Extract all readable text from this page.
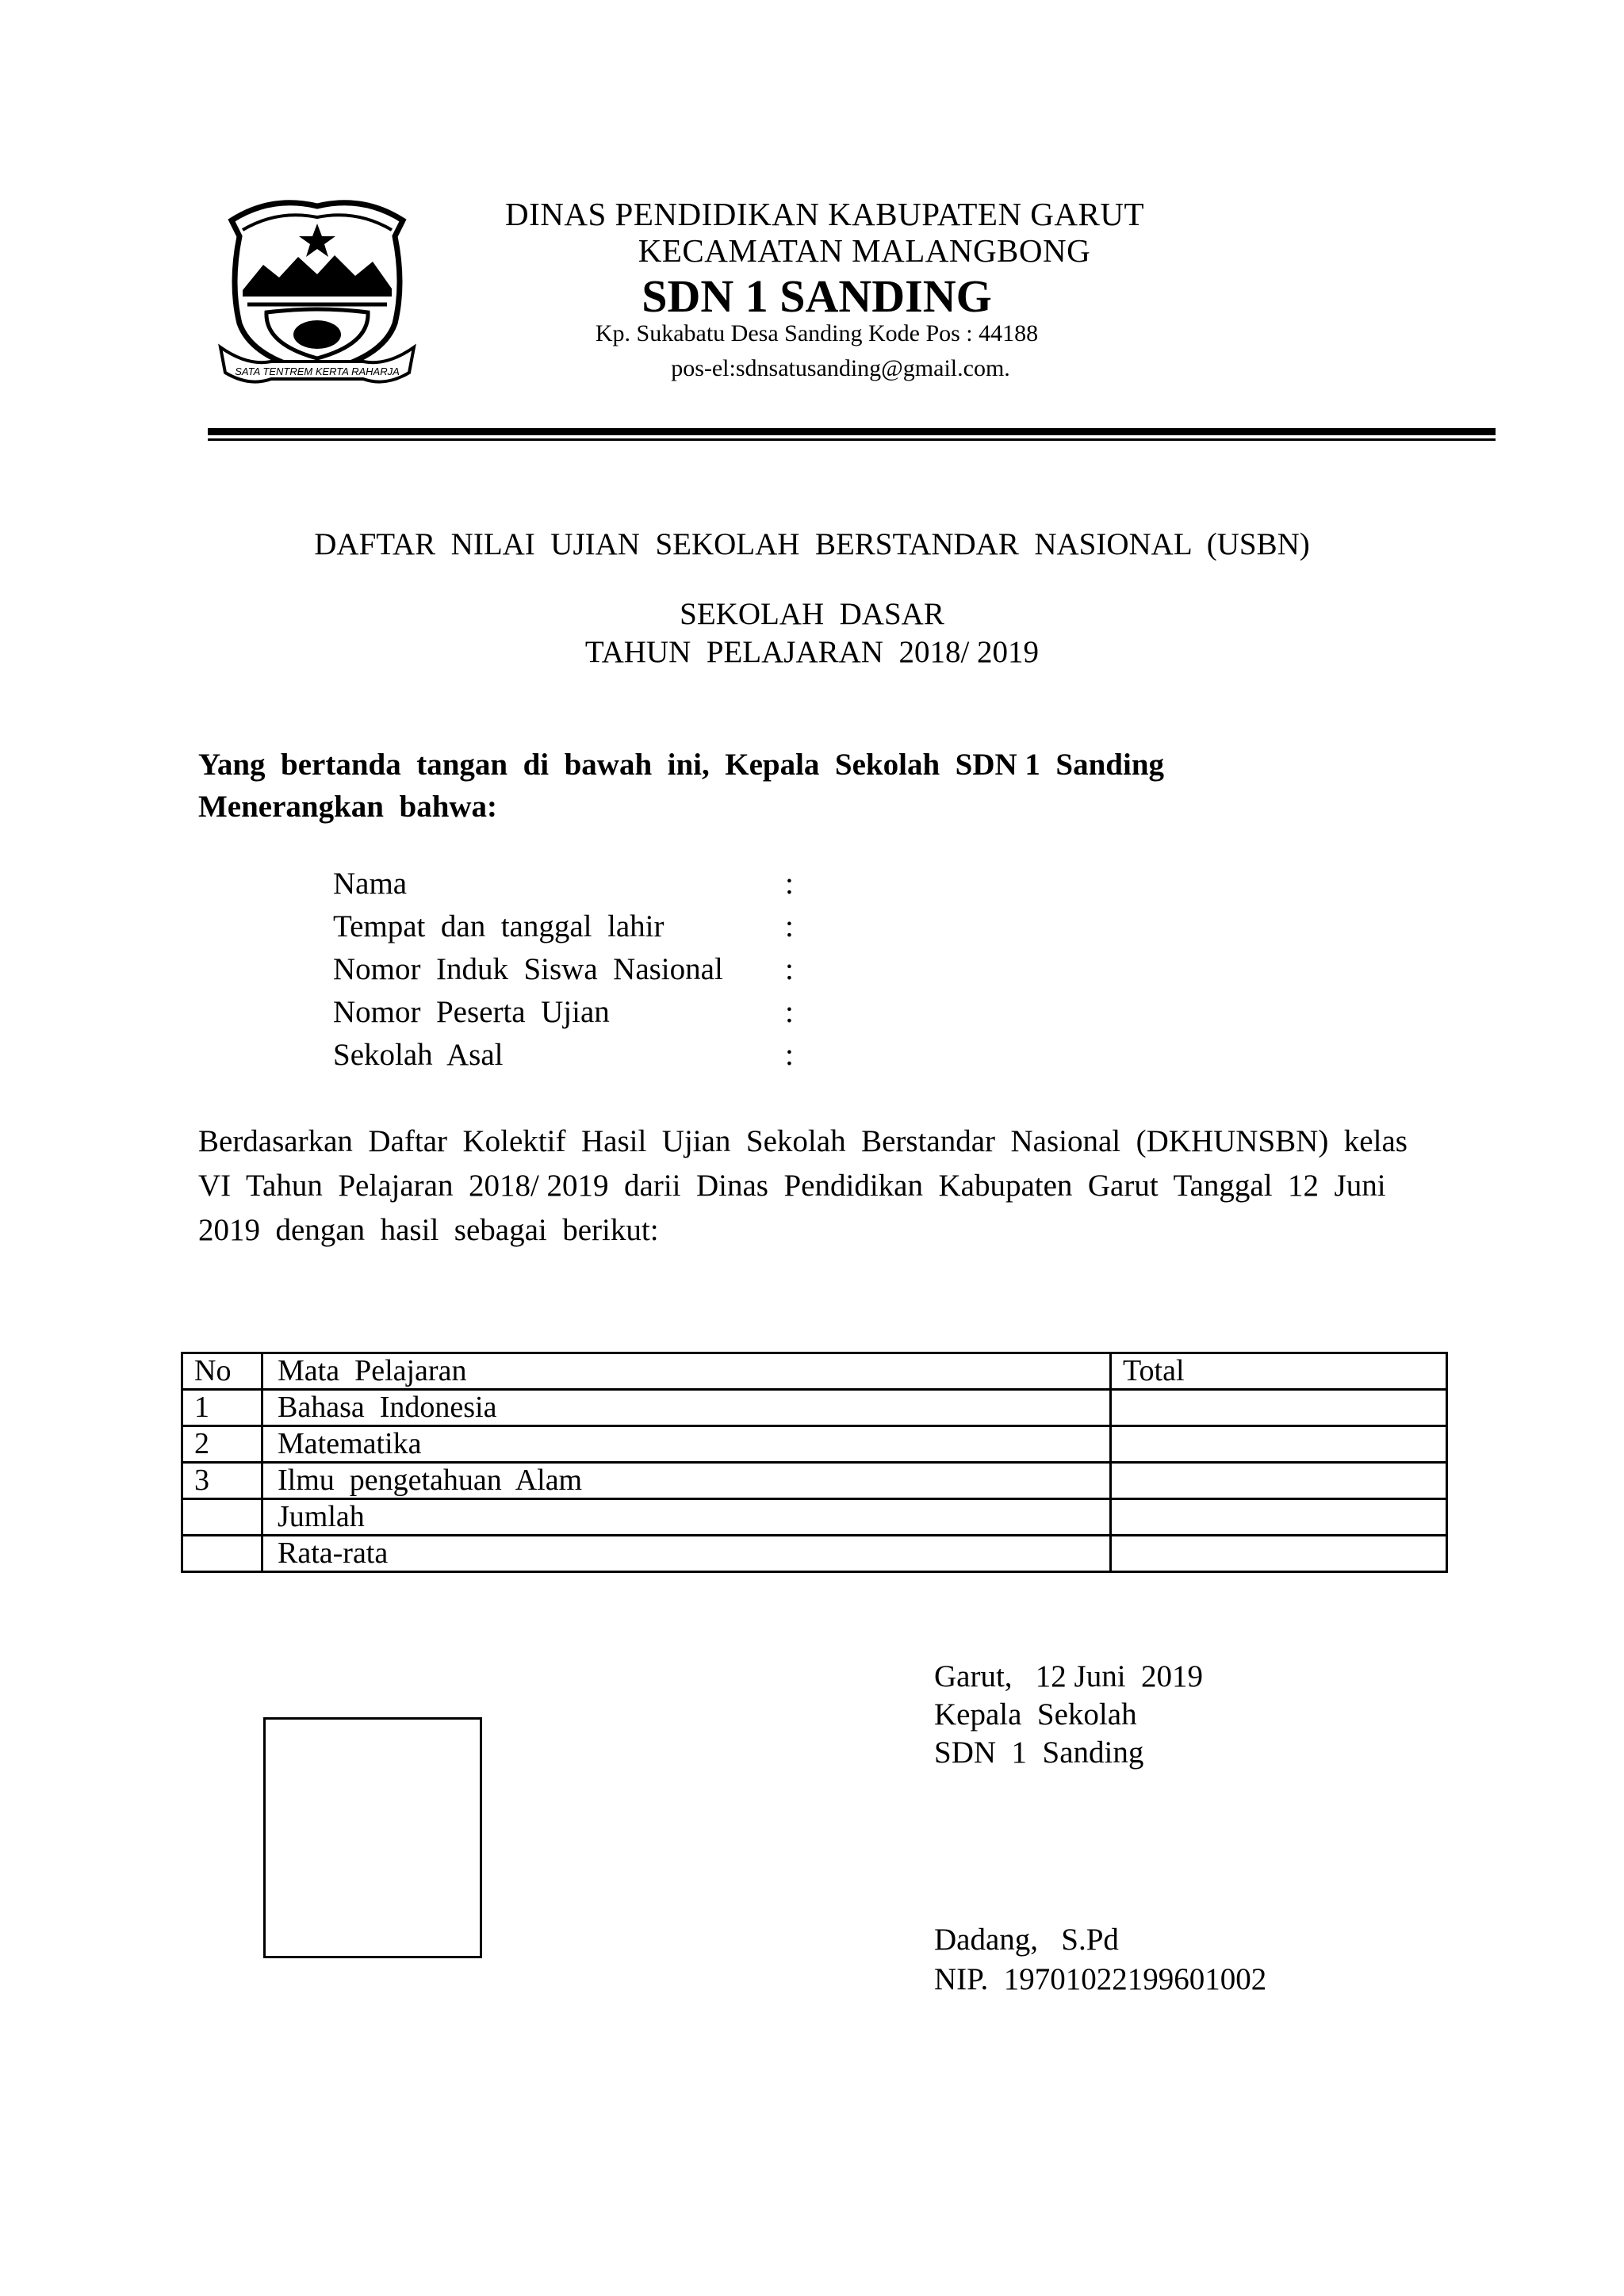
SATA TENTREM KERTA RAHARJA
DINAS PENDIDIKAN KABUPATEN GARUT
KECAMATAN MALANGBONG
SDN 1 SANDING
Kp. Sukabatu Desa Sanding Kode Pos : 44188
pos-el:sdnsatusanding@gmail.com.
DAFTAR  NILAI  UJIAN  SEKOLAH  BERSTANDAR  NASIONAL  (USBN)
SEKOLAH  DASAR
TAHUN  PELAJARAN  2018/ 2019
Yang  bertanda  tangan  di  bawah  ini,  Kepala  Sekolah  SDN 1  Sanding
Menerangkan  bahwa:
Nama	:
Tempat  dan  tanggal  lahir	:
Nomor  Induk  Siswa  Nasional :
Nomor  Peserta  Ujian	:
Sekolah  Asal	:
Berdasarkan  Daftar  Kolektif  Hasil  Ujian  Sekolah  Berstandar  Nasional  (DKHUNSBN)  kelas
VI  Tahun  Pelajaran  2018/ 2019  darii  Dinas  Pendidikan  Kabupaten  Garut  Tanggal  12  Juni
2019  dengan  hasil  sebagai  berikut:
No	Mata  Pelajaran	Total
1	Bahasa  Indonesia	
2	Matematika	
3	Ilmu  pengetahuan  Alam	
	Jumlah	
	Rata-rata	
Garut,   12 Juni  2019
Kepala  Sekolah
SDN  1  Sanding
Dadang,   S.Pd
NIP.  19701022199601002
